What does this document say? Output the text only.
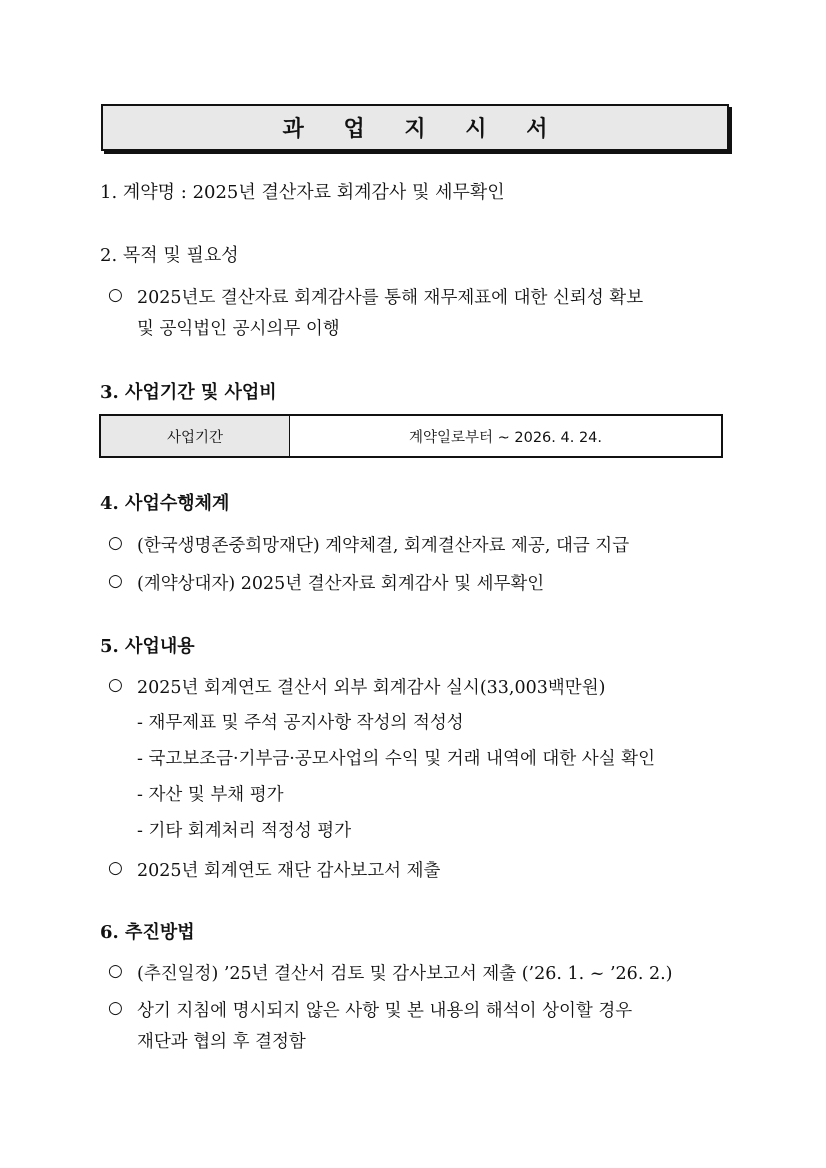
과 업 지 시 서
1. 계약명 : 2025년 결산자료 회계감사 및 세무확인
2. 목적 및 필요성
○ 2025년도 결산자료 회계감사를 통해 재무제표에 대한 신뢰성 확보
및 공익법인 공시의무 이행
3. 사업기간 및 사업비
사업기간	계약일로부터 ~ 2026. 4. 24.
4. 사업수행체계
○ (한국생명존중희망재단) 계약체결, 회계결산자료 제공, 대금 지급
○ (계약상대자) 2025년 결산자료 회계감사 및 세무확인
5. 사업내용
○ 2025년 회계연도 결산서 외부 회계감사 실시(33,003백만원)
- 재무제표 및 주석 공지사항 작성의 적성성
- 국고보조금·기부금·공모사업의 수익 및 거래 내역에 대한 사실 확인
- 자산 및 부채 평가
- 기타 회계처리 적정성 평가
○ 2025년 회계연도 재단 감사보고서 제출
6. 추진방법
○ (추진일정) ’25년 결산서 검토 및 감사보고서 제출 (’26. 1. ~ ’26. 2.)
○ 상기 지침에 명시되지 않은 사항 및 본 내용의 해석이 상이할 경우
재단과 협의 후 결정함
